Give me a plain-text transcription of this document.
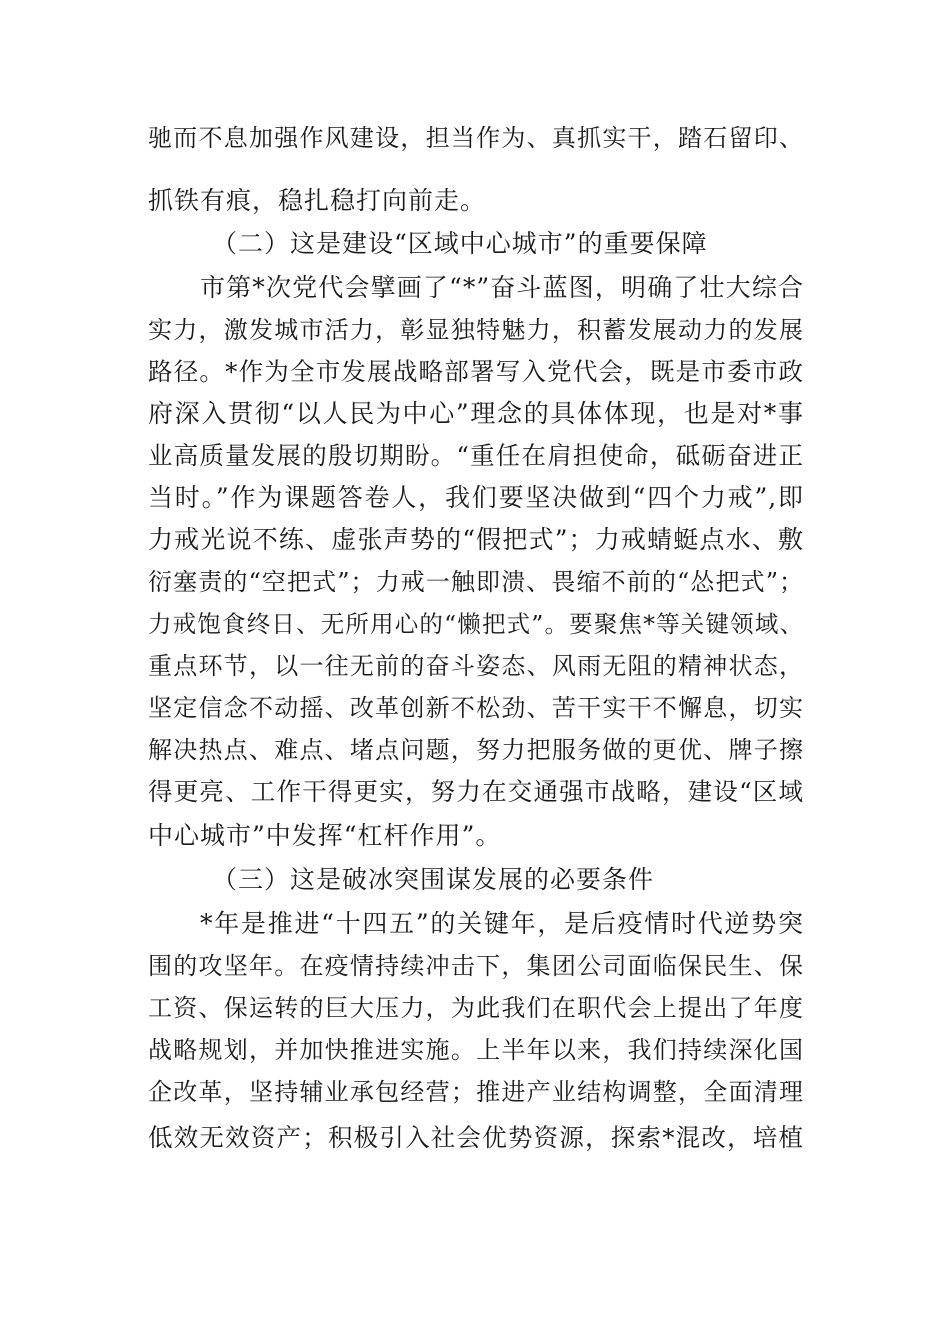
驰而不息加强作风建设，担当作为、真抓实干，踏石留印、
抓铁有痕，稳扎稳打向前走。
（二）这是建设“区域中心城市”的重要保障
市第*次党代会擘画了“*”奋斗蓝图，明确了壮大综合
实力，激发城市活力，彰显独特魅力，积蓄发展动力的发展
路径。*作为全市发展战略部署写入党代会，既是市委市政
府深入贯彻“以人民为中心”理念的具体体现，也是对*事
业高质量发展的殷切期盼。“重任在肩担使命，砥砺奋进正
当时。”作为课题答卷人，我们要坚决做到“四个力戒”,即
力戒光说不练、虚张声势的“假把式”；力戒蜻蜓点水、敷
衍塞责的“空把式”；力戒一触即溃、畏缩不前的“怂把式”；
力戒饱食终日、无所用心的“懒把式”。要聚焦*等关键领域、
重点环节，以一往无前的奋斗姿态、风雨无阻的精神状态，
坚定信念不动摇、改革创新不松劲、苦干实干不懈息，切实
解决热点、难点、堵点问题，努力把服务做的更优、牌子擦
得更亮、工作干得更实，努力在交通强市战略，建设“区域
中心城市”中发挥“杠杆作用”。
（三）这是破冰突围谋发展的必要条件
*年是推进“十四五”的关键年，是后疫情时代逆势突
围的攻坚年。在疫情持续冲击下，集团公司面临保民生、保
工资、保运转的巨大压力，为此我们在职代会上提出了年度
战略规划，并加快推进实施。上半年以来，我们持续深化国
企改革，坚持辅业承包经营；推进产业结构调整，全面清理
低效无效资产；积极引入社会优势资源，探索*混改，培植
